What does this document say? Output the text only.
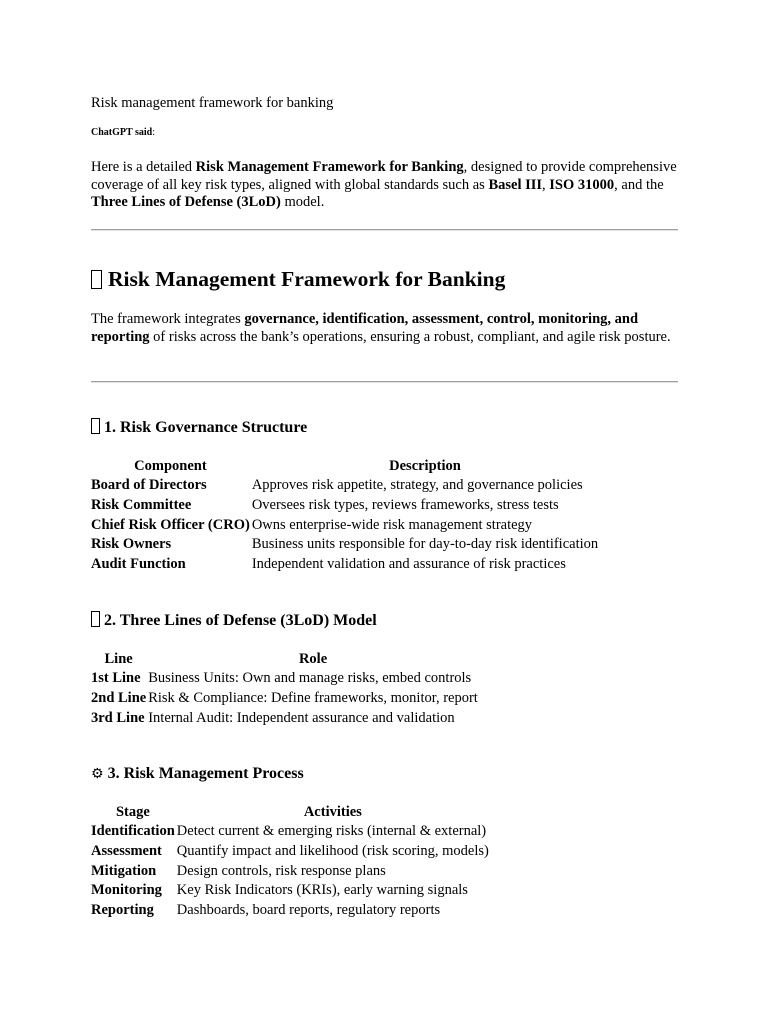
Risk management framework for banking
ChatGPT said:
Here is a detailed Risk Management Framework for Banking, designed to provide comprehensive coverage of all key risk types, aligned with global standards such as Basel III, ISO 31000, and the Three Lines of Defense (3LoD) model.
Risk Management Framework for Banking
The framework integrates governance, identification, assessment, control, monitoring, and reporting of risks across the bank’s operations, ensuring a robust, compliant, and agile risk posture.
1. Risk Governance Structure
Component	Description
Board of Directors	Approves risk appetite, strategy, and governance policies
Risk Committee	Oversees risk types, reviews frameworks, stress tests
Chief Risk Officer (CRO)	Owns enterprise-wide risk management strategy
Risk Owners	Business units responsible for day-to-day risk identification
Audit Function	Independent validation and assurance of risk practices
2. Three Lines of Defense (3LoD) Model
Line	Role
1st Line	Business Units: Own and manage risks, embed controls
2nd Line	Risk & Compliance: Define frameworks, monitor, report
3rd Line	Internal Audit: Independent assurance and validation
⚙ 3. Risk Management Process
Stage	Activities
Identification	Detect current & emerging risks (internal & external)
Assessment	Quantify impact and likelihood (risk scoring, models)
Mitigation	Design controls, risk response plans
Monitoring	Key Risk Indicators (KRIs), early warning signals
Reporting	Dashboards, board reports, regulatory reports
